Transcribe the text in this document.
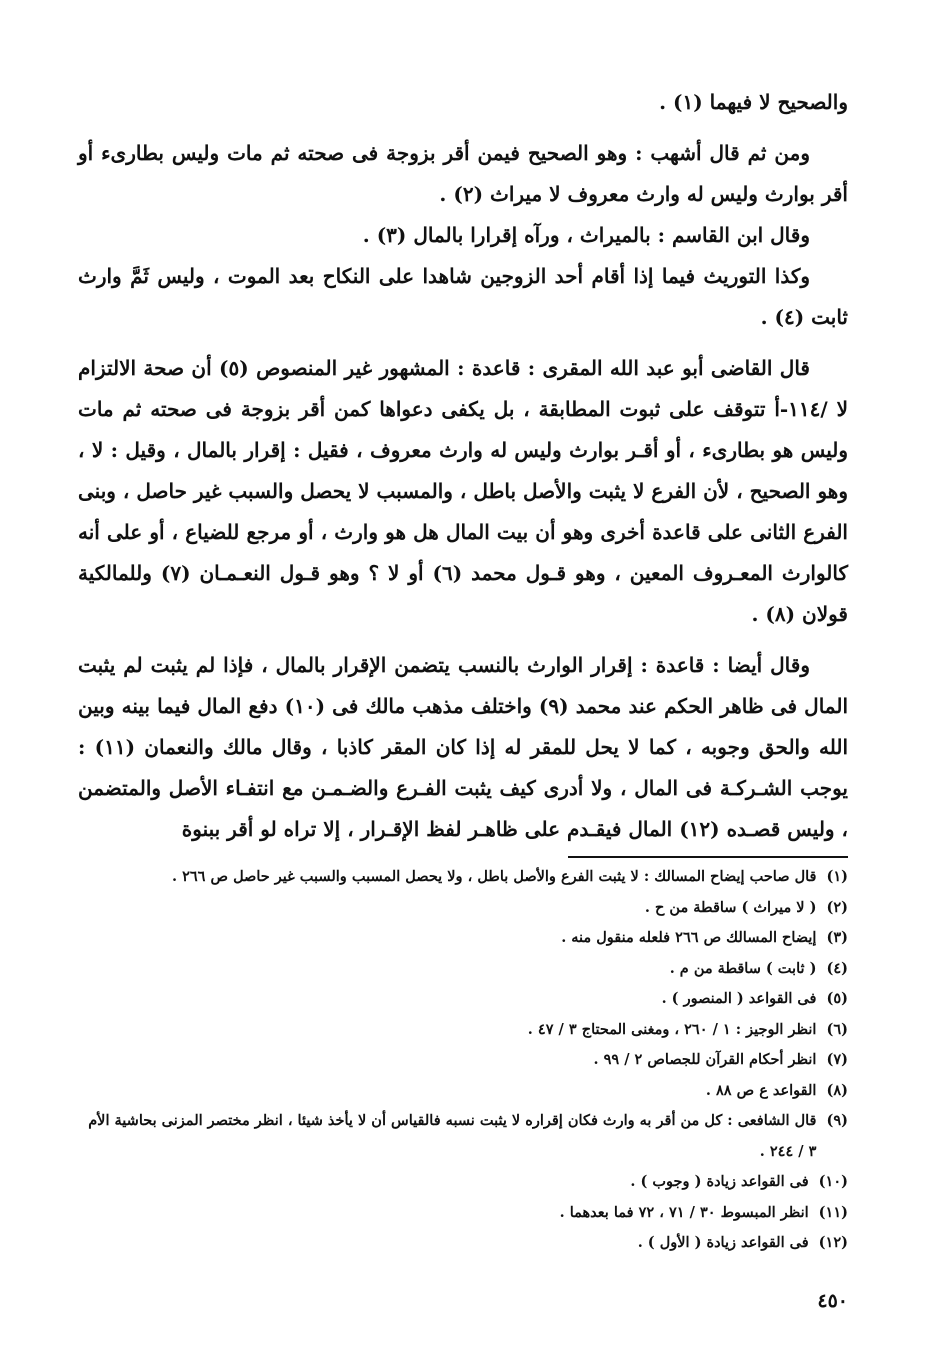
والصحيح لا فيهما (١) .

ومن ثم قال أشهب : وهو الصحيح فيمن أقر بزوجة فى صحته ثم مات وليس بطارىء أو أقر بوارث وليس له وارث معروف لا ميراث (٢) .

وقال ابن القاسم : بالميراث ، ورآه إقرارا بالمال (٣) .

وكذا التوريث فيما إذا أقام أحد الزوجين شاهدا على النكاح بعد الموت ، وليس ثَمَّ وارث ثابت (٤) .

قال القاضى أبو عبد الله المقرى : قاعدة : المشهور غير المنصوص (٥) أن صحة الالتزام لا /١١٤-أ تتوقف على ثبوت المطابقة ، بل يكفى دعواها كمن أقر بزوجة فى صحته ثم مات وليس هو بطارىء ، أو أقـر بوارث وليس له وارث معروف ، فقيل : إقرار بالمال ، وقيل : لا ، وهو الصحيح ، لأن الفرع لا يثبت والأصل باطل ، والمسبب لا يحصل والسبب غير حاصل ، وبنى الفرع الثانى على قاعدة أخرى وهو أن بيت المال هل هو وارث ، أو مرجع للضياع ، أو على أنه كالوارث المعـروف المعين ، وهو قـول محمد (٦) أو لا ؟ وهو قـول النعـمـان (٧) وللمالكية قولان (٨) .

وقال أيضا : قاعدة : إقرار الوارث بالنسب يتضمن الإقرار بالمال ، فإذا لم يثبت لم يثبت المال فى ظاهر الحكم عند محمد (٩) واختلف مذهب مالك فى (١٠) دفع المال فيما بينه وبين الله والحق وجوبه ، كما لا يحل للمقر له إذا كان المقر كاذبا ، وقال مالك والنعمان (١١) : يوجب الشـركـة فى المال ، ولا أدرى كيف يثبت الفـرع والضـمـن مع انتفـاء الأصل والمتضمن ، وليس قصـده (١٢) المال فيقـدم على ظاهـر لفظ الإقـرار ، إلا تراه لو أقر ببنوة

(١)
قال صاحب إيضاح المسالك : لا يثبت الفرع والأصل باطل ، ولا يحصل المسبب والسبب غير حاصل ص ٢٦٦ .
(٢)
( لا ميراث ) ساقطة من ح .
(٣)
إيضاح المسالك ص ٢٦٦ فلعله منقول منه .
(٤)
( ثابت ) ساقطة من م .
(٥)
فى القواعد ( المنصور ) .
(٦)
انظر الوجيز : ١ / ٢٦٠ ، ومغنى المحتاج ٣ / ٤٧ .
(٧)
انظر أحكام القرآن للجصاص ٢ / ٩٩ .
(٨)
القواعد ع ص ٨٨ .
(٩)
قال الشافعى : كل من أقر به وارث فكان إقراره لا يثبت نسبه فالقياس أن لا يأخذ شيئا ، انظر مختصر المزنى بحاشية الأم ٣ / ٢٤٤ .
(١٠)
فى القواعد زيادة ( وجوب ) .
(١١)
انظر المبسوط ٣٠ / ٧١ ، ٧٢ فما بعدهما .
(١٢)
فى القواعد زيادة ( الأول ) .
٤٥٠
